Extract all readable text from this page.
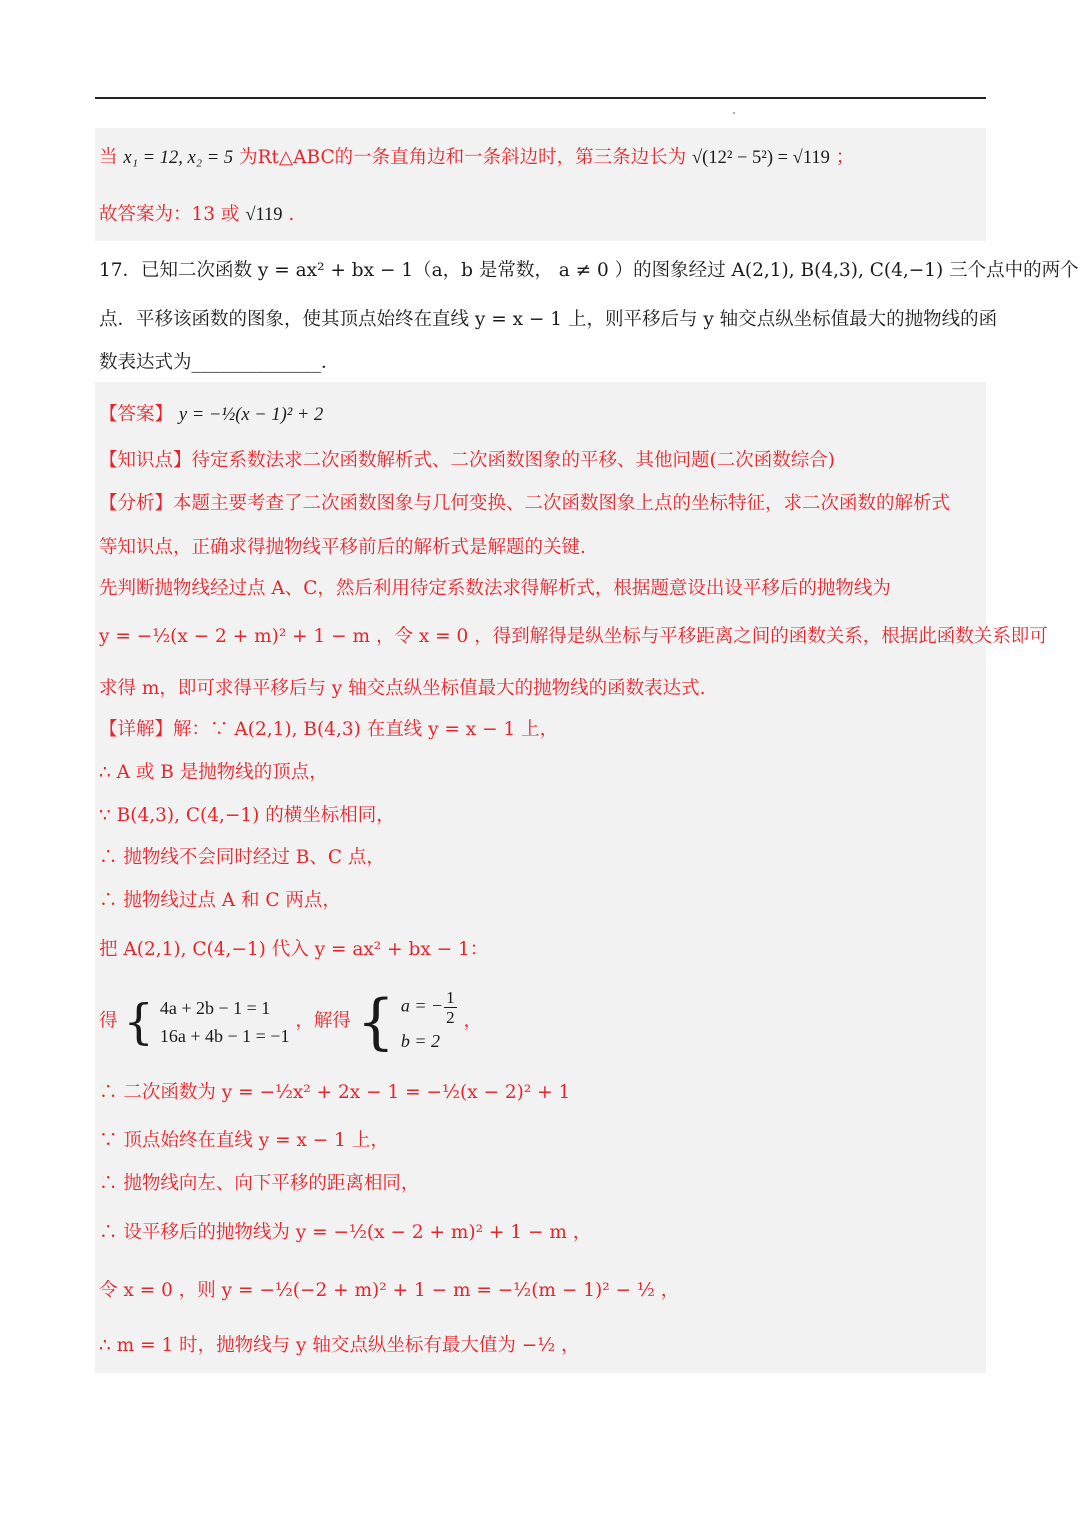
当 x₁ = 12, x₂ = 5 为Rt△ABC的一条直角边和一条斜边时，第三条边长为 √(12² − 5²) = √119 ；
故答案为：13 或 √119 .
17．已知二次函数 y = ax² + bx − 1（a，b 是常数， a ≠ 0 ）的图象经过 A(2,1), B(4,3), C(4,−1) 三个点中的两个
点．平移该函数的图象，使其顶点始终在直线 y = x − 1 上，则平移后与 y 轴交点纵坐标值最大的抛物线的函
数表达式为______________．
【答案】 y = −½(x − 1)² + 2
【知识点】待定系数法求二次函数解析式、二次函数图象的平移、其他问题(二次函数综合)
【分析】本题主要考查了二次函数图象与几何变换、二次函数图象上点的坐标特征，求二次函数的解析式
等知识点，正确求得抛物线平移前后的解析式是解题的关键.
先判断抛物线经过点 A、C，然后利用待定系数法求得解析式，根据题意设出设平移后的抛物线为
y = −½(x − 2 + m)² + 1 − m ，令 x = 0 ，得到解得是纵坐标与平移距离之间的函数关系，根据此函数关系即可
求得 m，即可求得平移后与 y 轴交点纵坐标值最大的抛物线的函数表达式.
【详解】解：∵ A(2,1), B(4,3) 在直线 y = x − 1 上，
∴ A 或 B 是抛物线的顶点，
∵ B(4,3), C(4,−1) 的横坐标相同，
∴ 抛物线不会同时经过 B、C 点，
∴ 抛物线过点 A 和 C 两点，
把 A(2,1), C(4,−1) 代入 y = ax² + bx − 1：
得 { 4a + 2b − 1 = 1
16a + 4b − 1 = −1
，解得 { a = − $\frac{1}{2}$
b = 2
，
∴ 二次函数为 y = −½x² + 2x − 1 = −½(x − 2)² + 1
∵ 顶点始终在直线 y = x − 1 上，
∴ 抛物线向左、向下平移的距离相同，
∴ 设平移后的抛物线为 y = −½(x − 2 + m)² + 1 − m ，
令 x = 0 ，则 y = −½(−2 + m)² + 1 − m = −½(m − 1)² − ½ ，
∴ m = 1 时，抛物线与 y 轴交点纵坐标有最大值为 −½ ，
